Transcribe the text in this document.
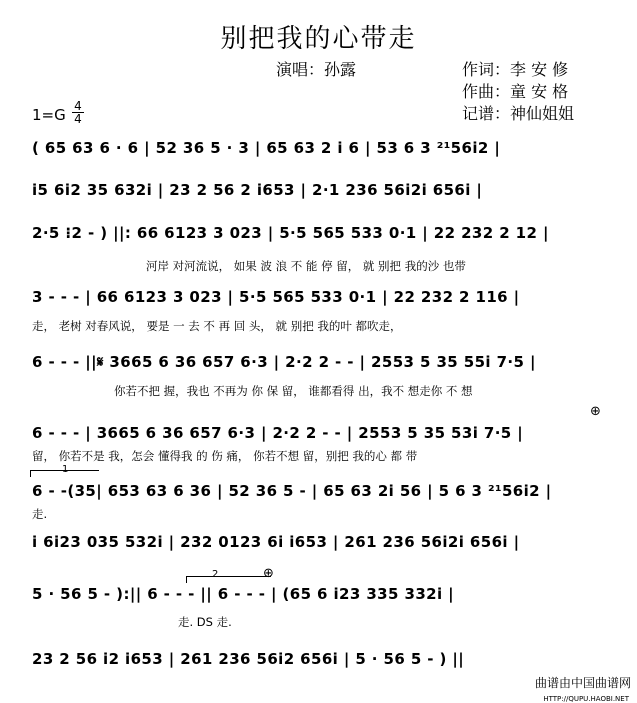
别把我的心带走
演唱：孙露	作词：李 安 修
作曲：童 安 格
记谱：神仙姐姐
1=G 4
4
( 65 63 6 · 6 | 52 36 5 · 3 | 65 63 2 i 6 | 53 6 3 ²¹56i2 |
i5 6i2 35 632i | 23 2 56 2 i653 | 2·1 236 56i2i 656i |
2·5 ⁝2 - ) ||: 66 6123 3 023 | 5·5 565 533 0·1 | 22 232 2 12 |
河岸 对河流说， 如果 波 浪 不 能 停 留， 就 别把 我的沙 也带
3 - - - | 66 6123 3 023 | 5·5 565 533 0·1 | 22 232 2 116 |
走， 老树 对春风说， 要是 一 去 不 再 回 头， 就 别把 我的叶 都吹走，
6 - - - ||𝄋 3665 6 36 657 6·3 | 2·2 2 - - | 2553 5 35 55i 7·5 |
你若不把 握，我也 不再为 你 保 留， 谁都看得 出，我不 想走你 不 想
⊕
6 - - - | 3665 6 36 657 6·3 | 2·2 2 - - | 2553 5 35 53i 7·5 |
留， 你若不是 我，怎会 懂得我 的 伤 痛， 你若不想 留，别把 我的心 都 带
1
6 - -(35| 653 63 6 36 | 52 36 5 - | 65 63 2i 56 | 5 6 3 ²¹56i2 |
走.
i 6i23 035 532i | 232 0123 6i i653 | 261 236 56i2i 656i |
2	⊕
5 · 56 5 - ):|| 6 - - - || 6 - - - | (65 6 i23 335 332i |
走. DS 走.
23 2 56 i2 i653 | 261 236 56i2 656i | 5 · 56 5 - ) ||
曲谱由中国曲谱网
HTTP://QUPU.HAOBI.NET
